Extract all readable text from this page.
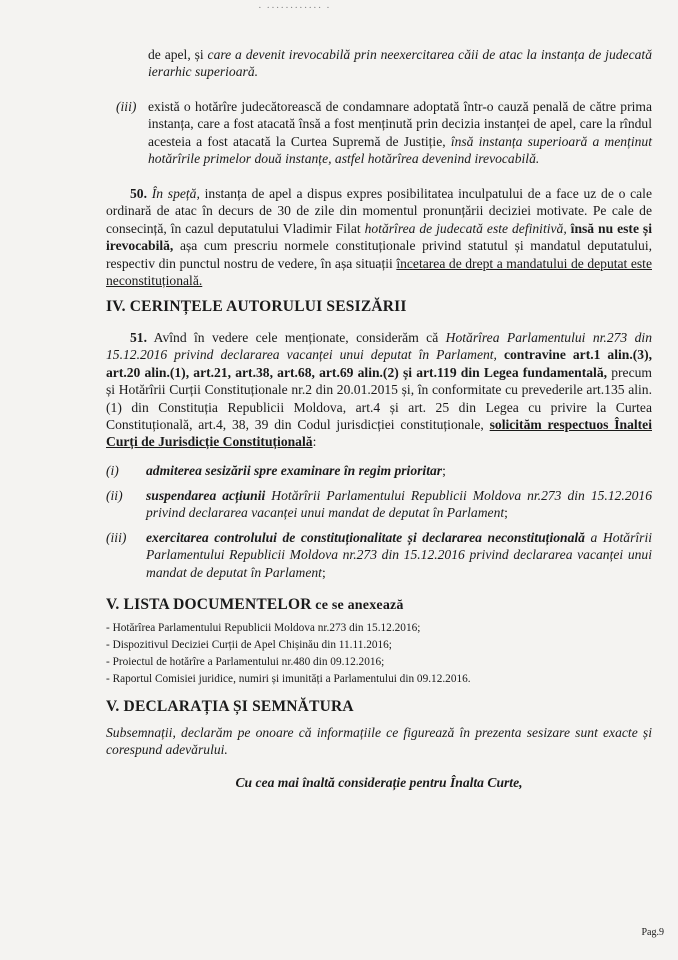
· ············ ·
de apel, și care a devenit irevocabilă prin neexercitarea căii de atac la instanța de judecată ierarhic superioară.
(iii) există o hotărîre judecătorească de condamnare adoptată într-o cauză penală de către prima instanța, care a fost atacată însă a fost menținută prin decizia instanței de apel, care la rîndul acesteia a fost atacată la Curtea Supremă de Justiție, însă instanța superioară a menținut hotărîrile primelor două instanțe, astfel hotărîrea devenind irevocabilă.
50. În speță, instanța de apel a dispus expres posibilitatea inculpatului de a face uz de o cale ordinară de atac în decurs de 30 de zile din momentul pronunțării deciziei motivate. Pe cale de consecință, în cazul deputatului Vladimir Filat hotărîrea de judecată este definitivă, însă nu este și irevocabilă, așa cum prescriu normele constituționale privind statutul și mandatul deputatului, respectiv din punctul nostru de vedere, în așa situații încetarea de drept a mandatului de deputat este neconstituțională.
IV. CERINȚELE AUTORULUI SESIZĂRII
51. Avînd în vedere cele menționate, considerăm că Hotărîrea Parlamentului nr.273 din 15.12.2016 privind declararea vacanței unui deputat în Parlament, contravine art.1 alin.(3), art.20 alin.(1), art.21, art.38, art.68, art.69 alin.(2) și art.119 din Legea fundamentală, precum și Hotărîrii Curții Constituționale nr.2 din 20.01.2015 și, în conformitate cu prevederile art.135 alin.(1) din Constituția Republicii Moldova, art.4 și art. 25 din Legea cu privire la Curtea Constituțională, art.4, 38, 39 din Codul jurisdicției constituționale, solicităm respectuos Înaltei Curți de Jurisdicție Constituțională:
(i) admiterea sesizării spre examinare în regim prioritar;
(ii) suspendarea acțiunii Hotărîrii Parlamentului Republicii Moldova nr.273 din 15.12.2016 privind declararea vacanței unui mandat de deputat în Parlament;
(iii) exercitarea controlului de constituționalitate și declararea neconstituțională a Hotărîrii Parlamentului Republicii Moldova nr.273 din 15.12.2016 privind declararea vacanței unui mandat de deputat în Parlament;
V. LISTA DOCUMENTELOR ce se anexează
- Hotărîrea Parlamentului Republicii Moldova nr.273 din 15.12.2016;
- Dispozitivul Deciziei Curții de Apel Chișinău din 11.11.2016;
- Proiectul de hotărîre a Parlamentului nr.480 din 09.12.2016;
- Raportul Comisiei juridice, numiri și imunități a Parlamentului din 09.12.2016.
V. DECLARAȚIA ȘI SEMNĂTURA
Subsemnații, declarăm pe onoare că informațiile ce figurează în prezenta sesizare sunt exacte și corespund adevărului.
Cu cea mai înaltă considerație pentru Înalta Curte,
Pag.9
